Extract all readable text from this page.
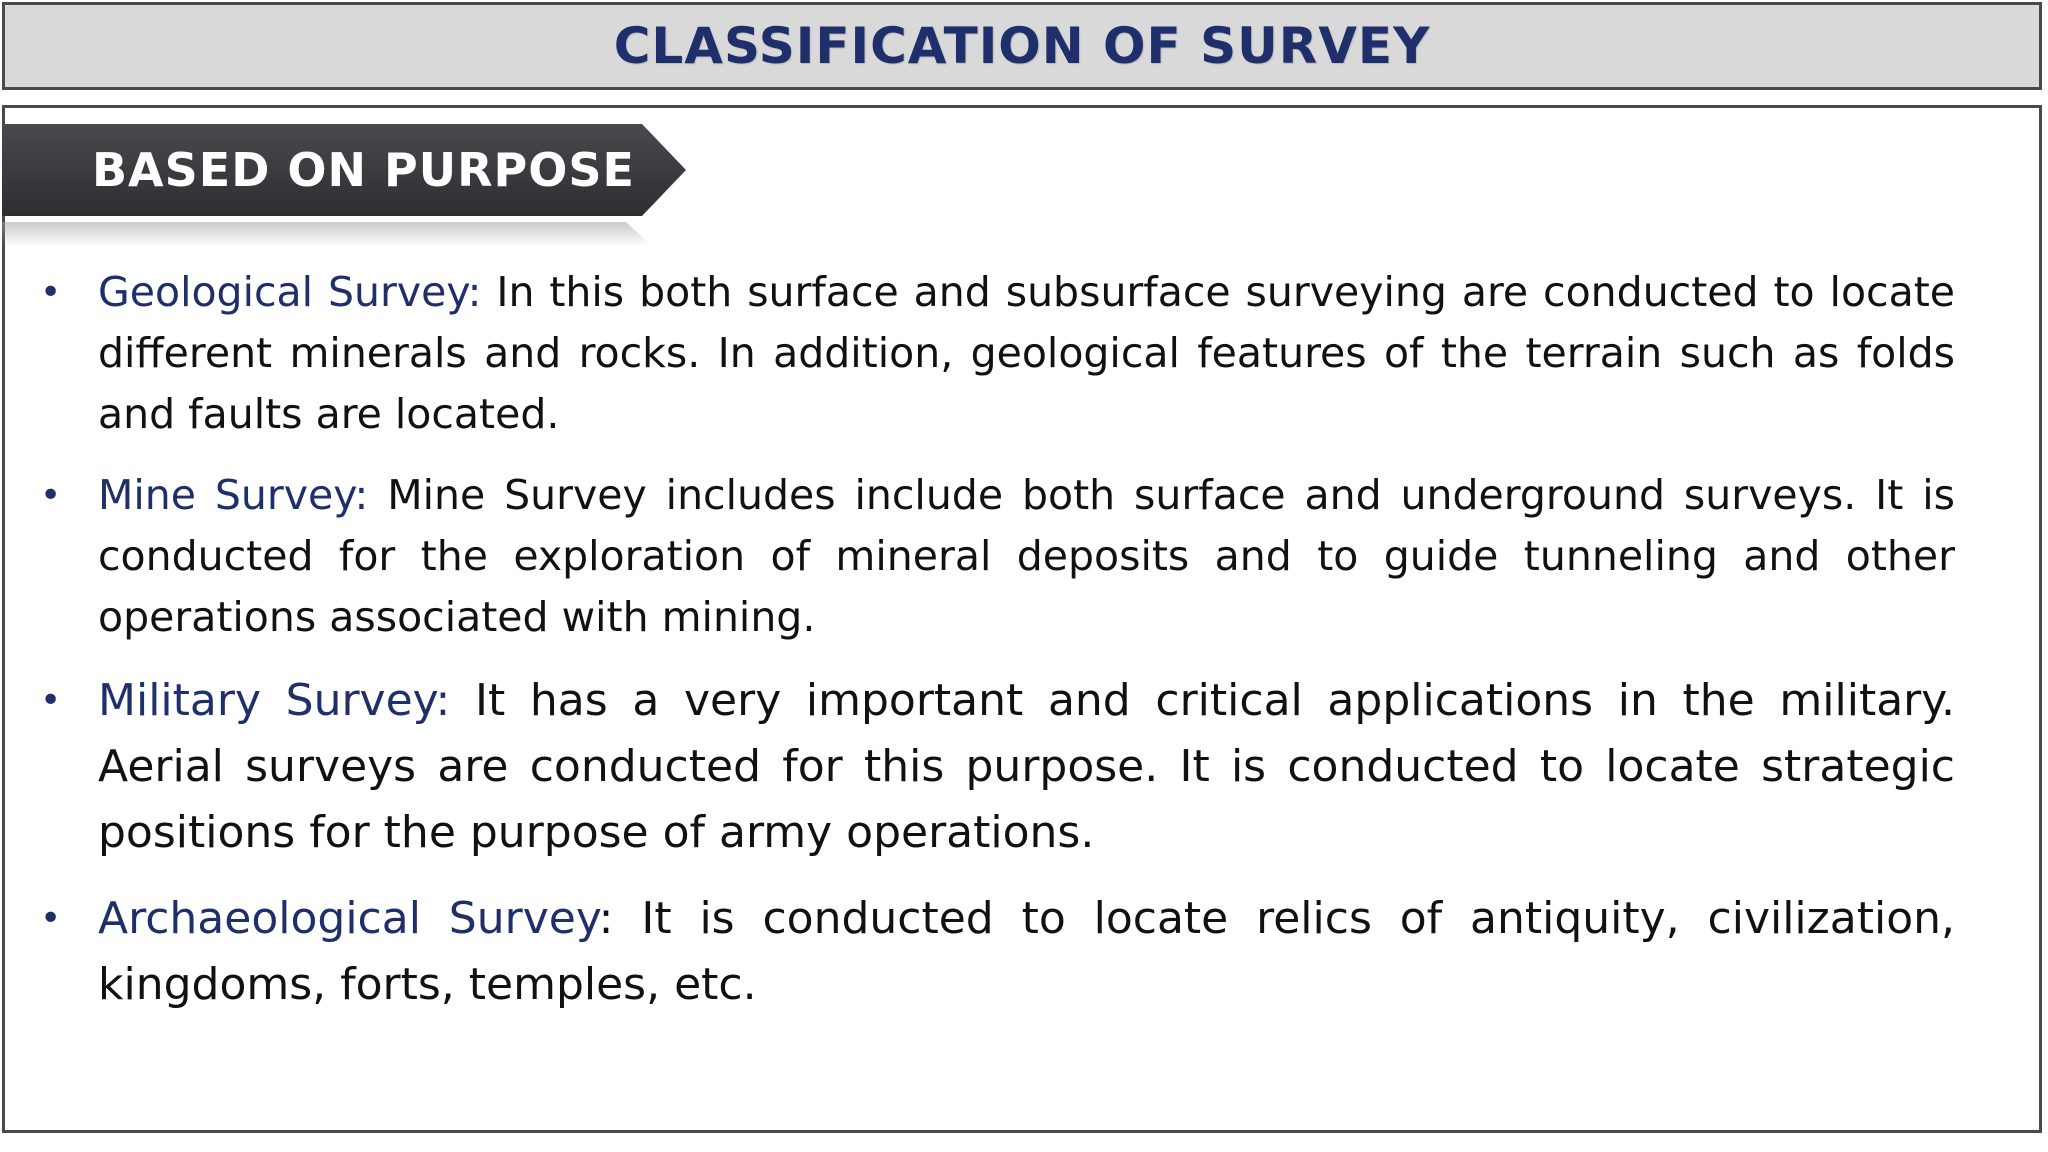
CLASSIFICATION OF SURVEY
BASED ON PURPOSE
• Geological Survey: In this both surface and subsurface surveying are conducted to locate different minerals and rocks. In addition, geological features of the terrain such as folds and faults are located.
• Mine Survey: Mine Survey includes include both surface and underground surveys. It is conducted for the exploration of mineral deposits and to guide tunneling and other operations associated with mining.
• Military Survey: It has a very important and critical applications in the military. Aerial surveys are conducted for this purpose. It is conducted to locate strategic positions for the purpose of army operations.
• Archaeological Survey: It is conducted to locate relics of antiquity, civilization, kingdoms, forts, temples, etc.
